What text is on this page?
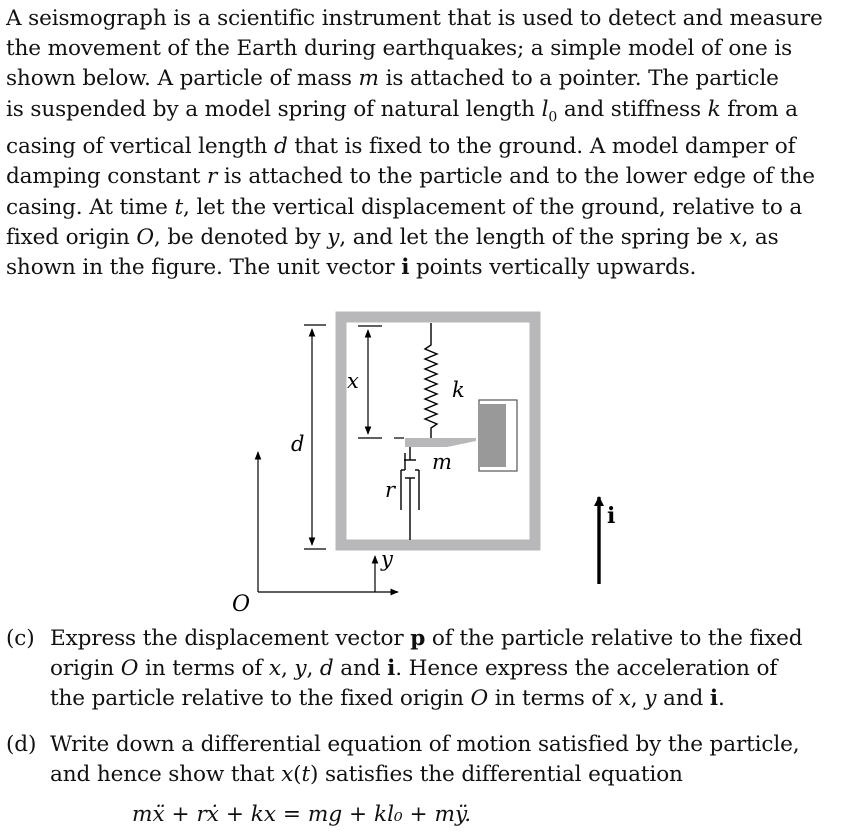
A seismograph is a scientific instrument that is used to detect and measure
the movement of the Earth during earthquakes; a simple model of one is
shown below. A particle of mass m is attached to a pointer. The particle
is suspended by a model spring of natural length $l_0$ and stiffness k from a
casing of vertical length d that is fixed to the ground. A model damper of
damping constant r is attached to the particle and to the lower edge of the
casing. At time t, let the vertical displacement of the ground, relative to a
fixed origin O, be denoted by y, and let the length of the spring be x, as
shown in the figure. The unit vector i points vertically upwards.
x	k
d
m
r
y
i
O
(c) Express the displacement vector p of the particle relative to the fixed
origin O in terms of x, y, d and i. Hence express the acceleration of
the particle relative to the fixed origin O in terms of x, y and i.
(d) Write down a differential equation of motion satisfied by the particle,
and hence show that x(t) satisfies the differential equation
mẍ + rẋ + kx = mg + kl₀ + mÿ.
